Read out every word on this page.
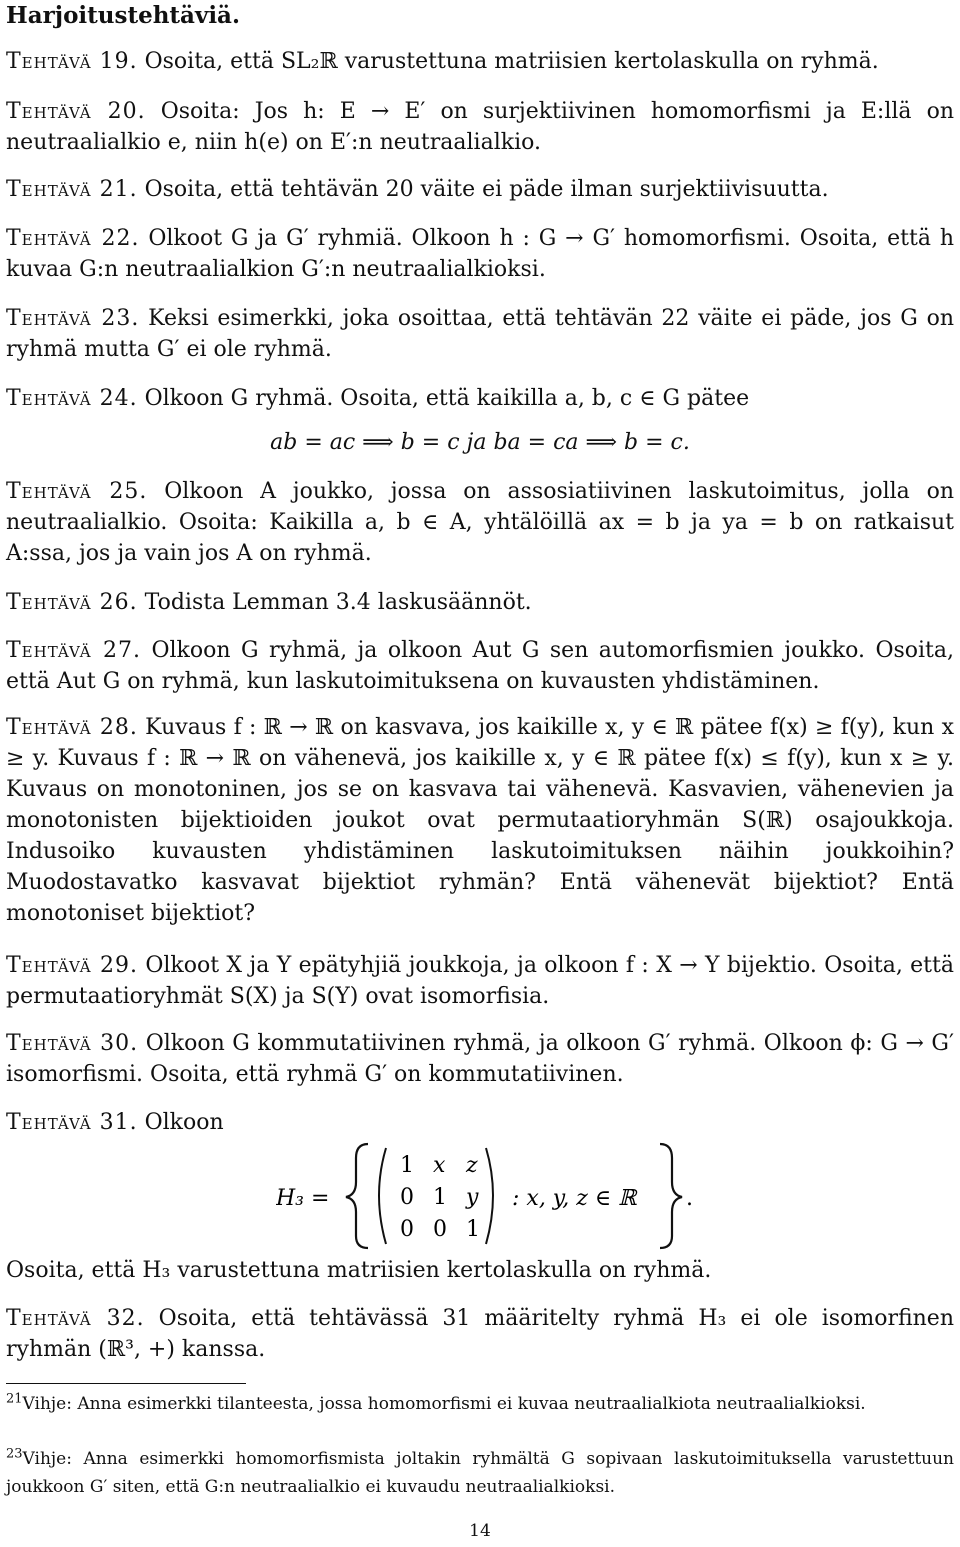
Harjoitustehtäviä.
Tehtävä 19. Osoita, että SL₂ℝ varustettuna matriisien kertolaskulla on ryhmä.
Tehtävä 20. Osoita: Jos h: E → E′ on surjektiivinen homomorfismi ja E:llä on neutraalialkio e, niin h(e) on E′:n neutraalialkio.
Tehtävä 21. Osoita, että tehtävän 20 väite ei päde ilman surjektiivisuutta.
Tehtävä 22. Olkoot G ja G′ ryhmiä. Olkoon h : G → G′ homomorfismi. Osoita, että h kuvaa G:n neutraalialkion G′:n neutraalialkioksi.
Tehtävä 23. Keksi esimerkki, joka osoittaa, että tehtävän 22 väite ei päde, jos G on ryhmä mutta G′ ei ole ryhmä.
Tehtävä 24. Olkoon G ryhmä. Osoita, että kaikilla a, b, c ∈ G pätee
ab = ac ⟹ b = c ja ba = ca ⟹ b = c.
Tehtävä 25. Olkoon A joukko, jossa on assosiatiivinen laskutoimitus, jolla on neutraalialkio. Osoita: Kaikilla a, b ∈ A, yhtälöillä ax = b ja ya = b on ratkaisut A:ssa, jos ja vain jos A on ryhmä.
Tehtävä 26. Todista Lemman 3.4 laskusäännöt.
Tehtävä 27. Olkoon G ryhmä, ja olkoon Aut G sen automorfismien joukko. Osoita, että Aut G on ryhmä, kun laskutoimituksena on kuvausten yhdistäminen.
Tehtävä 28. Kuvaus f : ℝ → ℝ on kasvava, jos kaikille x, y ∈ ℝ pätee f(x) ≥ f(y), kun x ≥ y. Kuvaus f : ℝ → ℝ on vähenevä, jos kaikille x, y ∈ ℝ pätee f(x) ≤ f(y), kun x ≥ y. Kuvaus on monotoninen, jos se on kasvava tai vähenevä. Kasvavien, vähenevien ja monotonisten bijektioiden joukot ovat permutaatioryhmän S(ℝ) osajoukkoja. Indusoiko kuvausten yhdistäminen laskutoimituksen näihin joukkoihin? Muodostavatko kasvavat bijektiot ryhmän? Entä vähenevät bijektiot? Entä monotoniset bijektiot?
Tehtävä 29. Olkoot X ja Y epätyhjiä joukkoja, ja olkoon f : X → Y bijektio. Osoita, että permutaatioryhmät S(X) ja S(Y) ovat isomorfisia.
Tehtävä 30. Olkoon G kommutatiivinen ryhmä, ja olkoon G′ ryhmä. Olkoon ϕ: G → G′ isomorfismi. Osoita, että ryhmä G′ on kommutatiivinen.
Tehtävä 31. Olkoon
H₃ =
1 x z
0 1 y
0 0 1
: x, y, z ∈ ℝ .
Osoita, että H₃ varustettuna matriisien kertolaskulla on ryhmä.
Tehtävä 32. Osoita, että tehtävässä 31 määritelty ryhmä H₃ ei ole isomorfinen ryhmän (ℝ³, +) kanssa.
$^{21}$Vihje: Anna esimerkki tilanteesta, jossa homomorfismi ei kuvaa neutraalialkiota neutraalialkioksi.
$^{23}$Vihje: Anna esimerkki homomorfismista joltakin ryhmältä G sopivaan laskutoimituksella varustettuun joukkoon G′ siten, että G:n neutraalialkio ei kuvaudu neutraalialkioksi.
14
